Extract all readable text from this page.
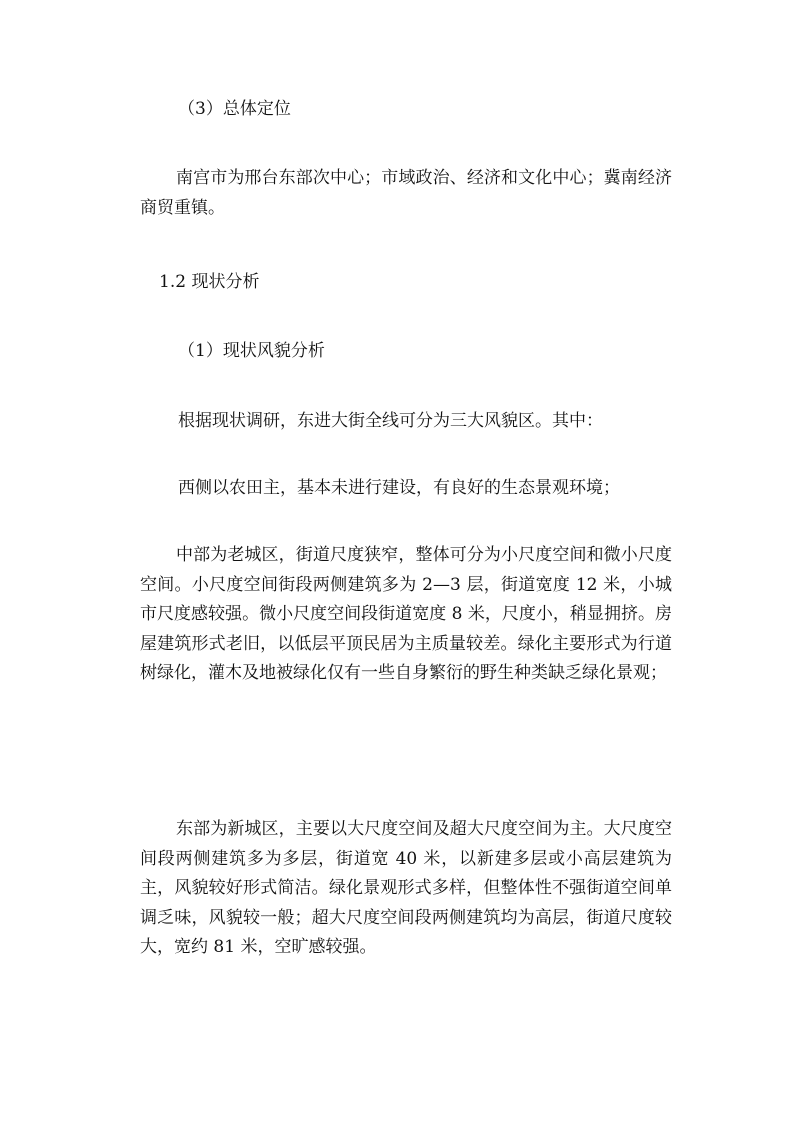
（3）总体定位

南宫市为邢台东部次中心；市域政治、经济和文化中心；冀南经济商贸重镇。

1.2 现状分析

（1）现状风貌分析

根据现状调研，东进大街全线可分为三大风貌区。其中：

西侧以农田主，基本未进行建设，有良好的生态景观环境；

中部为老城区，街道尺度狭窄，整体可分为小尺度空间和微小尺度空间。小尺度空间街段两侧建筑多为 2—3 层，街道宽度 12 米，小城市尺度感较强。微小尺度空间段街道宽度 8 米，尺度小，稍显拥挤。房屋建筑形式老旧，以低层平顶民居为主质量较差。绿化主要形式为行道树绿化，灌木及地被绿化仅有一些自身繁衍的野生种类缺乏绿化景观；

东部为新城区，主要以大尺度空间及超大尺度空间为主。大尺度空间段两侧建筑多为多层，街道宽 40 米，以新建多层或小高层建筑为主，风貌较好形式简洁。绿化景观形式多样，但整体性不强街道空间单调乏味，风貌较一般；超大尺度空间段两侧建筑均为高层，街道尺度较大，宽约 81 米，空旷感较强。
